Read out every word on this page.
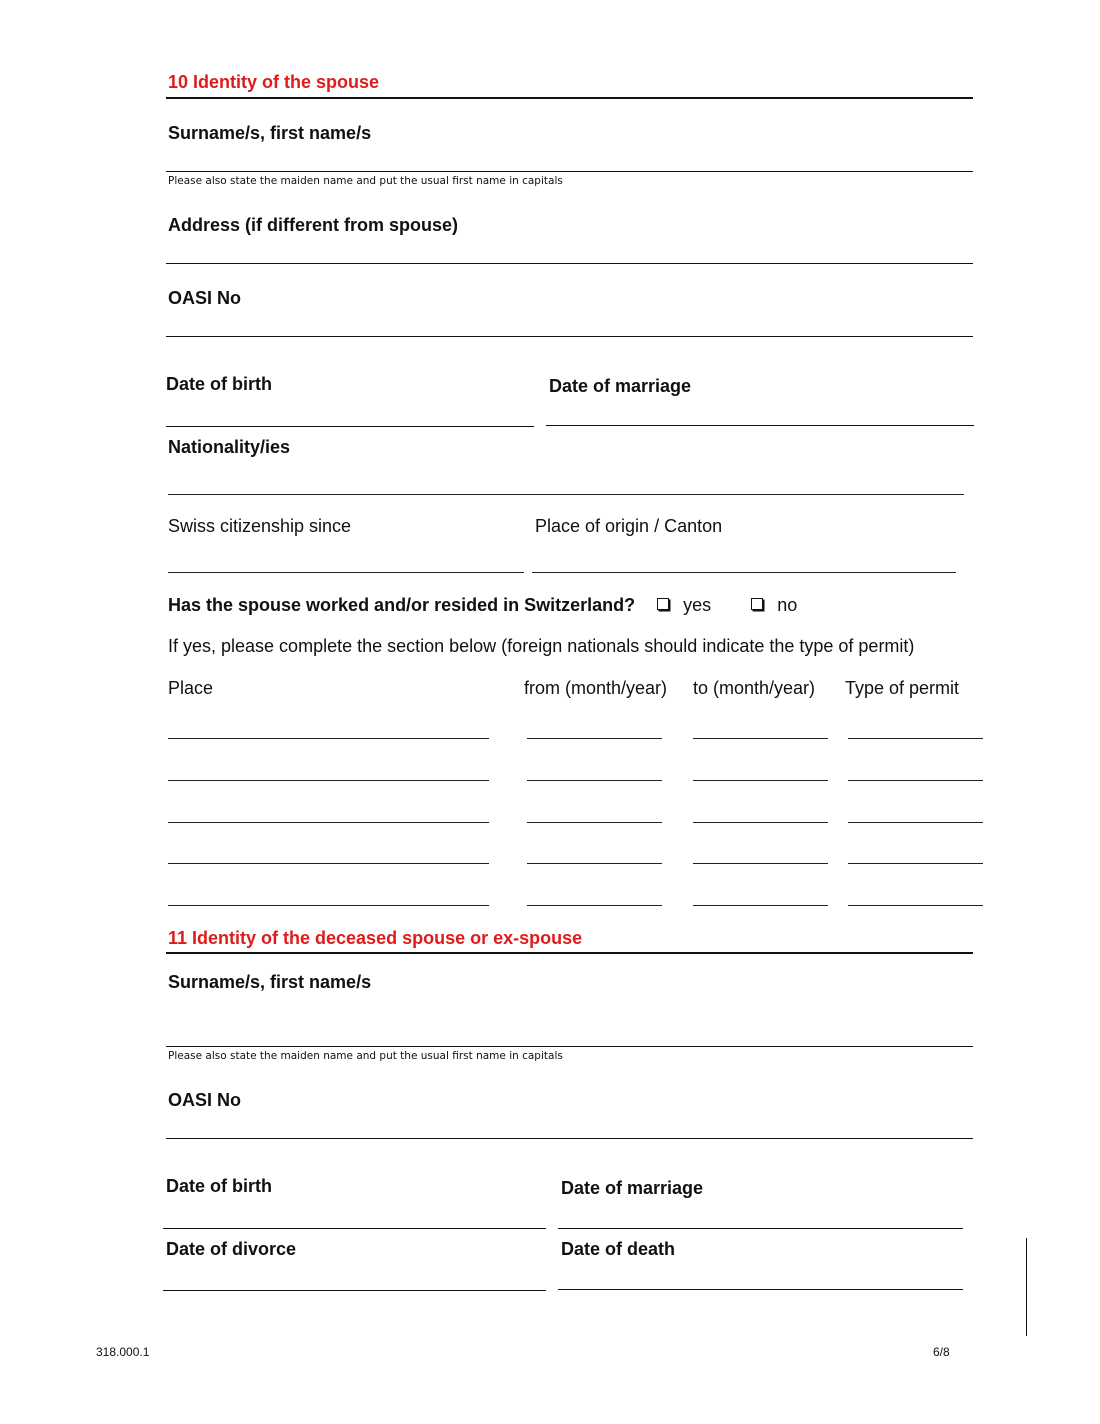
10 Identity of the spouse
Surname/s, first name/s
Please also state the maiden name and put the usual first name in capitals
Address (if different from spouse)
OASI No
Date of birth	Date of marriage
Nationality/ies
Swiss citizenship since	Place of origin / Canton
Has the spouse worked and/or resided in Switzerland?	yes	no
If yes, please complete the section below (foreign nationals should indicate the type of permit)
Place	from (month/year) to (month/year) Type of permit
11 Identity of the deceased spouse or ex-spouse
Surname/s, first name/s
Please also state the maiden name and put the usual first name in capitals
OASI No
Date of birth	Date of marriage
Date of divorce	Date of death
318.000.1	6/8
